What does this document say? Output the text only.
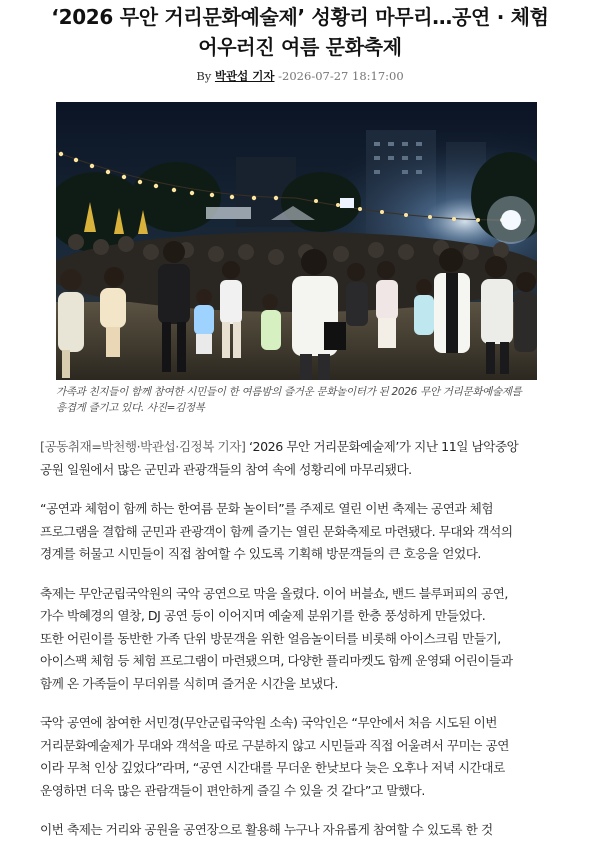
‘2026 무안 거리문화예술제’ 성황리 마무리…공연 · 체험
어우러진 여름 문화축제
By 박관섭 기자 -2026-07-27 18:17:00
가족과 친지들이 함께 참여한 시민들이 한 여름밤의 즐거운 문화놀이터가 된 2026 무안 거리문화예술제를
흥겹게 즐기고 있다. 사진=김정복

[공동취재=박천행·박관섭·김정복 기자] ‘2026 무안 거리문화예술제’가 지난 11일 남악중앙
공원 일원에서 많은 군민과 관광객들의 참여 속에 성황리에 마무리됐다.

“공연과 체험이 함께 하는 한여름 문화 놀이터”를 주제로 열린 이번 축제는 공연과 체험
프로그램을 결합해 군민과 관광객이 함께 즐기는 열린 문화축제로 마련됐다. 무대와 객석의
경계를 허물고 시민들이 직접 참여할 수 있도록 기획해 방문객들의 큰 호응을 얻었다.

축제는 무안군립국악원의 국악 공연으로 막을 올렸다. 이어 버블쇼, 밴드 블루퍼피의 공연,
가수 박혜경의 열창, DJ 공연 등이 이어지며 예술제 분위기를 한층 풍성하게 만들었다.
또한 어린이를 동반한 가족 단위 방문객을 위한 얼음놀이터를 비롯해 아이스크림 만들기,
아이스팩 체험 등 체험 프로그램이 마련됐으며, 다양한 플리마켓도 함께 운영돼 어린이들과
함께 온 가족들이 무더위를 식히며 즐거운 시간을 보냈다.

국악 공연에 참여한 서민경(무안군립국악원 소속) 국악인은 “무안에서 처음 시도된 이번
거리문화예술제가 무대와 객석을 따로 구분하지 않고 시민들과 직접 어울려서 꾸미는 공연
이라 무척 인상 깊었다”라며, “공연 시간대를 무더운 한낮보다 늦은 오후나 저녁 시간대로
운영하면 더욱 많은 관람객들이 편안하게 즐길 수 있을 것 같다”고 말했다.

이번 축제는 거리와 공원을 공연장으로 활용해 누구나 자유롭게 참여할 수 있도록 한 것
